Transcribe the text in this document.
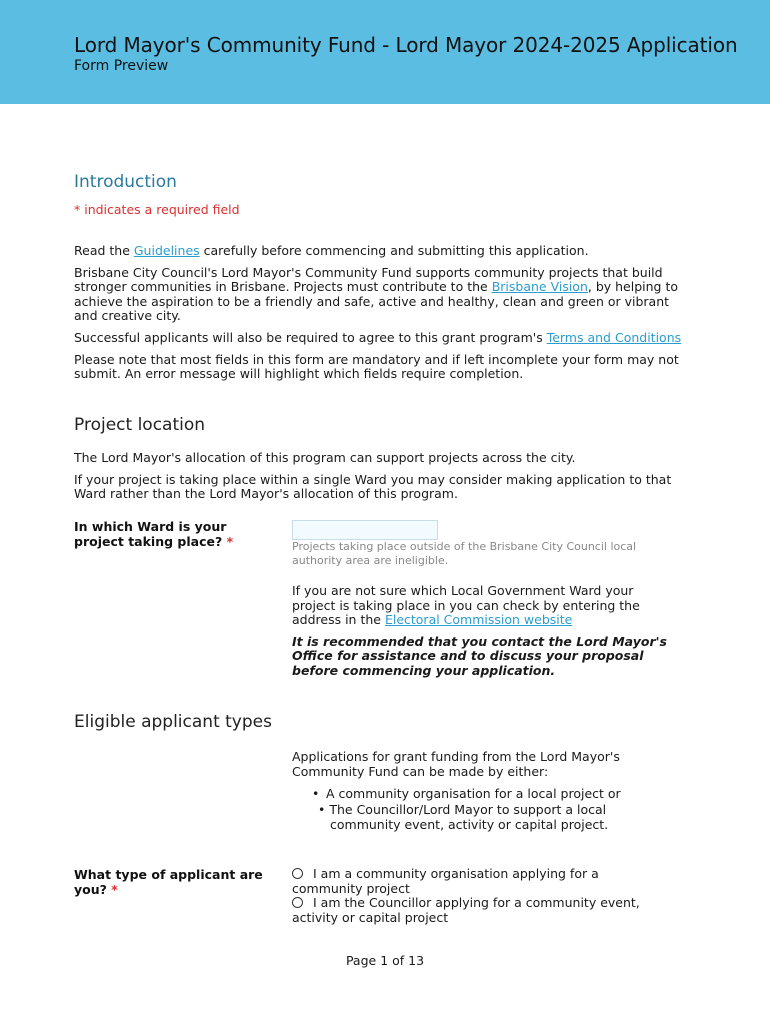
Lord Mayor's Community Fund - Lord Mayor 2024-2025 Application
Form Preview
Introduction
* indicates a required field

Read the Guidelines carefully before commencing and submitting this application.

Brisbane City Council's Lord Mayor's Community Fund supports community projects that build stronger communities in Brisbane. Projects must contribute to the Brisbane Vision, by helping to achieve the aspiration to be a friendly and safe, active and healthy, clean and green or vibrant and creative city.

Successful applicants will also be required to agree to this grant program's Terms and Conditions

Please note that most fields in this form are mandatory and if left incomplete your form may not submit. An error message will highlight which fields require completion.

Project location

The Lord Mayor's allocation of this program can support projects across the city.

If your project is taking place within a single Ward you may consider making application to that Ward rather than the Lord Mayor's allocation of this program.

In which Ward is your project taking place? *	Projects taking place outside of the Brisbane City Council local authority area are ineligible.

If you are not sure which Local Government Ward your project is taking place in you can check by entering the address in the Electoral Commission website

It is recommended that you contact the Lord Mayor's Office for assistance and to discuss your proposal before commencing your application.

Eligible applicant types

Applications for grant funding from the Lord Mayor's Community Fund can be made by either:

• A community organisation for a local project or
• The Councillor/Lord Mayor to support a local community event, activity or capital project.
What type of applicant are you? *
I am a community organisation applying for a community project
I am the Councillor applying for a community event, activity or capital project
Page 1 of 13
